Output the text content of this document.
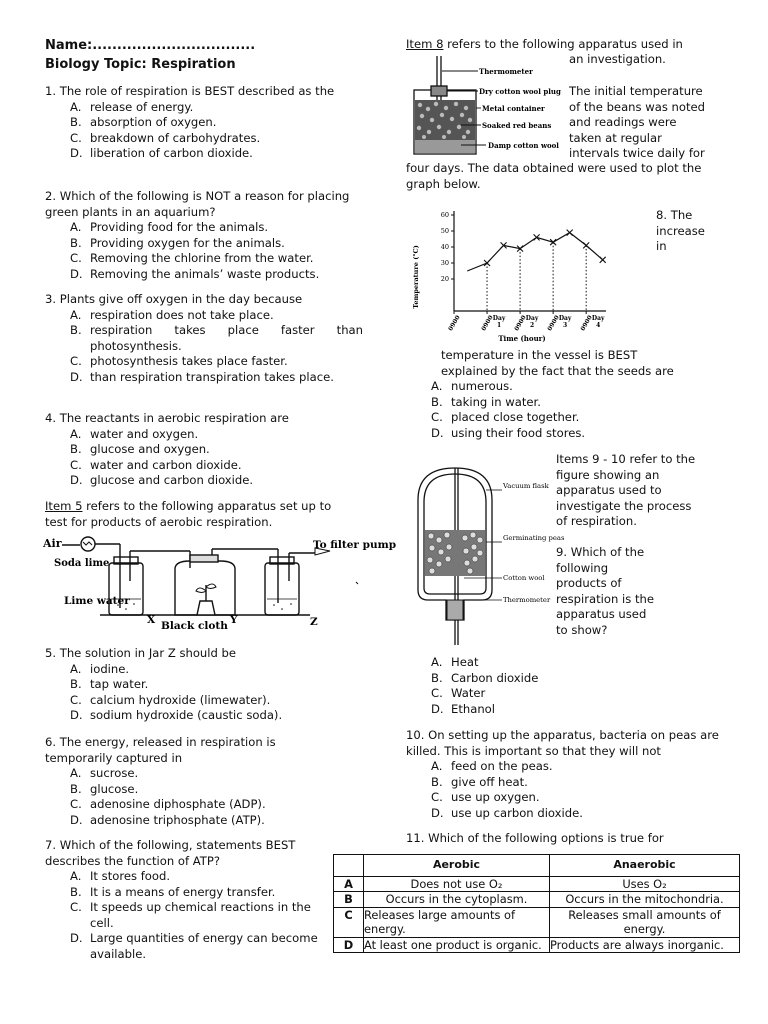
Name:.................................
Biology Topic: Respiration
1. The role of respiration is BEST described as the
A. release of energy.
B. absorption of oxygen.
C. breakdown of carbohydrates.
D. liberation of carbon dioxide.
2. Which of the following is NOT a reason for placing green plants in an aquarium?
A. Providing food for the animals.
B. Providing oxygen for the animals.
C. Removing the chlorine from the water.
D. Removing the animals’ waste products.
3. Plants give off oxygen in the day because
A. respiration does not take place.
B. respiration takes place faster than photosynthesis.
C. photosynthesis takes place faster.
D. than respiration transpiration takes place.
4. The reactants in aerobic respiration are
A. water and oxygen.
B. glucose and oxygen.
C. water and carbon dioxide.
D. glucose and carbon dioxide.
Item 5 refers to the following apparatus set up to test for products of aerobic respiration.
Air
Soda lime
Lime water
X Black cloth Y	Z
To filter pump
5. The solution in Jar Z should be
A. iodine.
B. tap water.
C. calcium hydroxide (limewater).
D. sodium hydroxide (caustic soda).
6. The energy, released in respiration is temporarily captured in
A. sucrose.
B. glucose.
C. adenosine diphosphate (ADP).
D. adenosine triphosphate (ATP).
7. Which of the following, statements BEST describes the function of ATP?
A. It stores food.
B. It is a means of energy transfer.
C. It speeds up chemical reactions in the cell.
D. Large quantities of energy can become available.
Item 8 refers to the following apparatus used in
an investigation.
Thermometer
Dry cotton wool plug
Metal container
Soaked red beans
Damp cotton wool
The initial temperature
of the beans was noted
and readings were
taken at regular
intervals twice daily for
four days. The data obtained were used to plot the graph below.
Temperature (°C)
Time (hour)
60
50
40
30
20
0900	0900
Day
1 0900
Day
2 0900
Day
3 0900
Day
4
8. The
increase
in
temperature in the vessel is BEST
explained by the fact that the seeds are
A. numerous.
B. taking in water.
C. placed close together.
D. using their food stores.
Vacuum flask
Germinating peas
Cotton wool
Thermometer
Items 9 - 10 refer to the
figure showing an
apparatus used to
investigate the process
of respiration.
9. Which of the
following
products of
respiration is the
apparatus used
to show?
A. Heat
B. Carbon dioxide
C. Water
D. Ethanol
10. On setting up the apparatus, bacteria on peas are killed. This is important so that they will not
A. feed on the peas.
B. give off heat.
C. use up oxygen.
D. use up carbon dioxide.
11. Which of the following options is true for
	Aerobic	Anaerobic
A	Does not use O₂	Uses O₂
B	Occurs in the cytoplasm.	Occurs in the mitochondria.
C	Releases large amounts of energy.	Releases small amounts of energy.
D	At least one product is organic.	Products are always inorganic.
